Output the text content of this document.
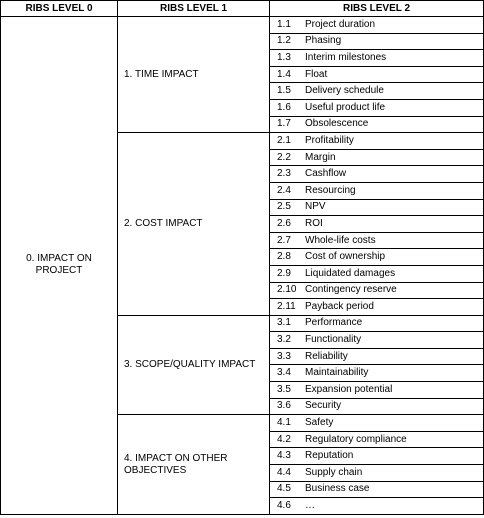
RIBS LEVEL 0	RIBS LEVEL 1	RIBS LEVEL 2
0. IMPACT ON PROJECT	1. TIME IMPACT	1.1 Project duration
		1.2 Phasing
		1.3 Interim milestones
		1.4 Float
		1.5 Delivery schedule
		1.6 Useful product life
		1.7 Obsolescence
	2. COST IMPACT	2.1 Profitability
		2.2 Margin
		2.3 Cashflow
		2.4 Resourcing
		2.5 NPV
		2.6 ROI
		2.7 Whole-life costs
		2.8 Cost of ownership
		2.9 Liquidated damages
		2.10 Contingency reserve
		2.11 Payback period
	3. SCOPE/QUALITY IMPACT	3.1 Performance
		3.2 Functionality
		3.3 Reliability
		3.4 Maintainability
		3.5 Expansion potential
		3.6 Security
	4. IMPACT ON OTHER OBJECTIVES	4.1 Safety
		4.2 Regulatory compliance
		4.3 Reputation
		4.4 Supply chain
		4.5 Business case
		4.6 …
